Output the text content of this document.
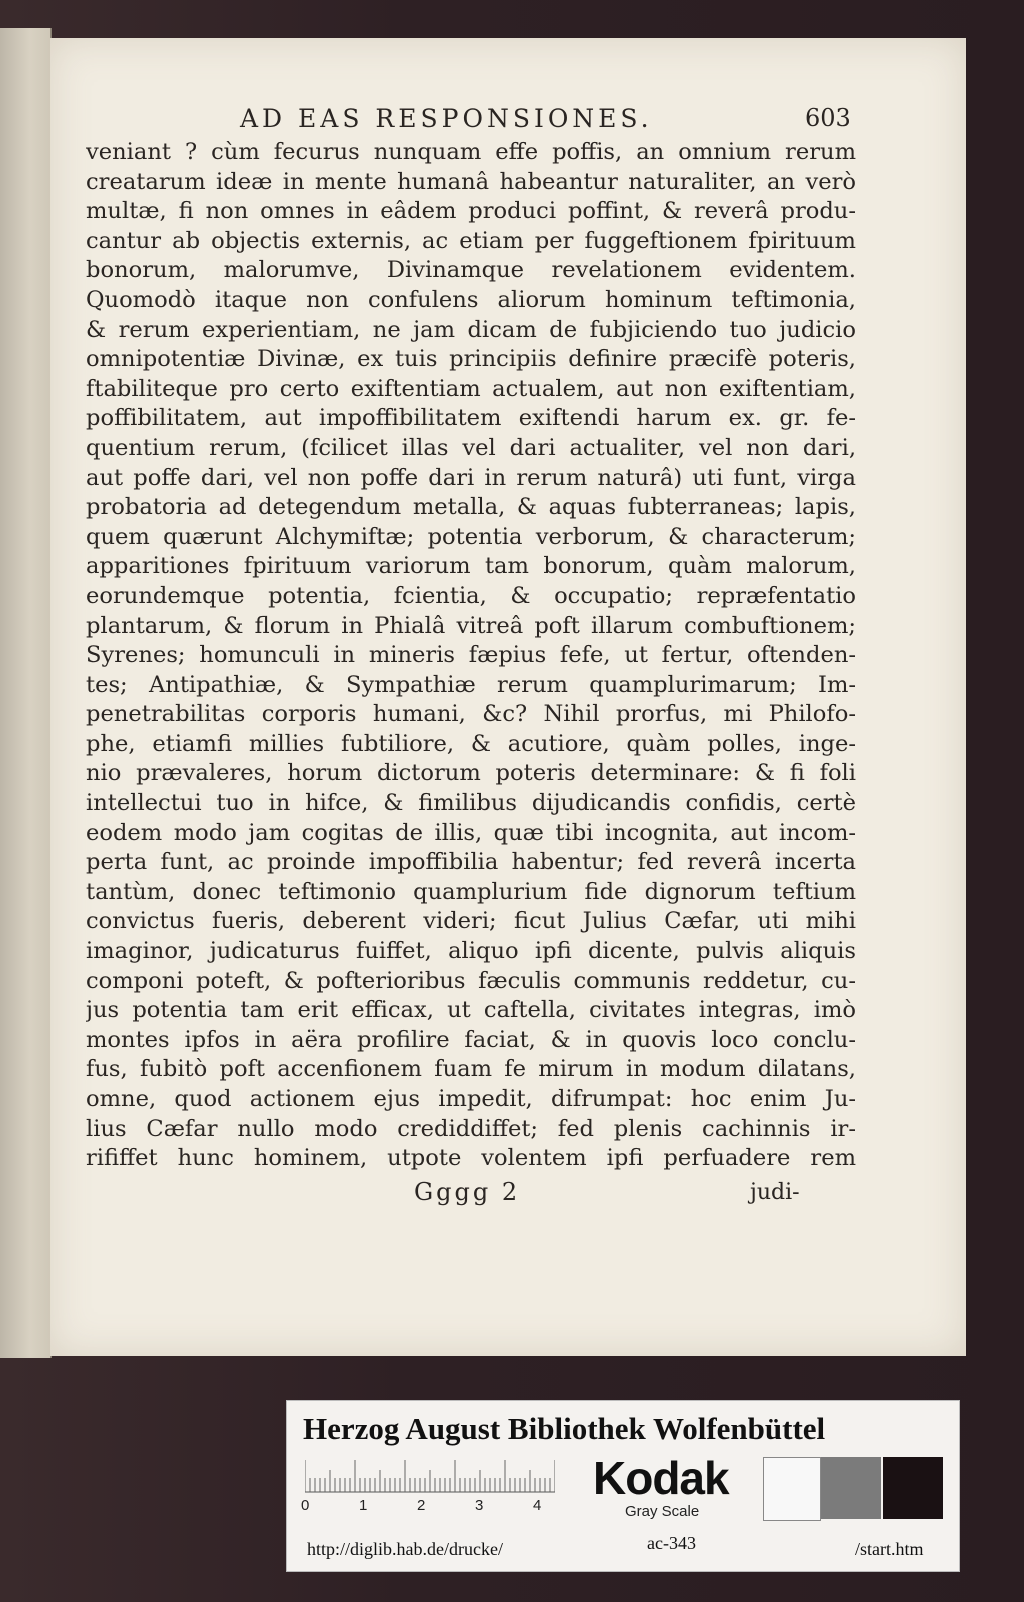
AD EAS RESPONSIONES.	603
veniant ? cùm fecurus nunquam effe poffis, an omnium rerum
creatarum ideæ in mente humanâ habeantur naturaliter, an verò
multæ, fi non omnes in eâdem produci poffint, & reverâ produ-
cantur ab objectis externis, ac etiam per fuggeftionem fpirituum
bonorum, malorumve, Divinamque revelationem evidentem.
Quomodò itaque non confulens aliorum hominum teftimonia,
& rerum experientiam, ne jam dicam de fubjiciendo tuo judicio
omnipotentiæ Divinæ, ex tuis principiis definire præcifè poteris,
ftabiliteque pro certo exiftentiam actualem, aut non exiftentiam,
poffibilitatem, aut impoffibilitatem exiftendi harum ex. gr. fe-
quentium rerum, (fcilicet illas vel dari actualiter, vel non dari,
aut poffe dari, vel non poffe dari in rerum naturâ) uti funt, virga
probatoria ad detegendum metalla, & aquas fubterraneas; lapis,
quem quærunt Alchymiftæ; potentia verborum, & characterum;
apparitiones fpirituum variorum tam bonorum, quàm malorum,
eorundemque potentia, fcientia, & occupatio; repræfentatio
plantarum, & florum in Phialâ vitreâ poft illarum combuftionem;
Syrenes; homunculi in mineris fæpius fefe, ut fertur, oftenden-
tes; Antipathiæ, & Sympathiæ rerum quamplurimarum; Im-
penetrabilitas corporis humani, &c? Nihil prorfus, mi Philofo-
phe, etiamfi millies fubtiliore, & acutiore, quàm polles, inge-
nio prævaleres, horum dictorum poteris determinare: & fi foli
intellectui tuo in hifce, & fimilibus dijudicandis confidis, certè
eodem modo jam cogitas de illis, quæ tibi incognita, aut incom-
perta funt, ac proinde impoffibilia habentur; fed reverâ incerta
tantùm, donec teftimonio quamplurium fide dignorum teftium
convictus fueris, deberent videri; ficut Julius Cæfar, uti mihi
imaginor, judicaturus fuiffet, aliquo ipfi dicente, pulvis aliquis
componi poteft, & pofterioribus fæculis communis reddetur, cu-
jus potentia tam erit efficax, ut caftella, civitates integras, imò
montes ipfos in aëra profilire faciat, & in quovis loco conclu-
fus, fubitò poft accenfionem fuam fe mirum in modum dilatans,
omne, quod actionem ejus impedit, difrumpat: hoc enim Ju-
lius Cæfar nullo modo crediddiffet; fed plenis cachinnis ir-
rififfet hunc hominem, utpote volentem ipfi perfuadere rem
Gggg 2	judi-
Herzog August Bibliothek Wolfenbüttel
0	1	2	3	4
Kodak
Gray Scale
http://diglib.hab.de/drucke/	ac-343	/start.htm
